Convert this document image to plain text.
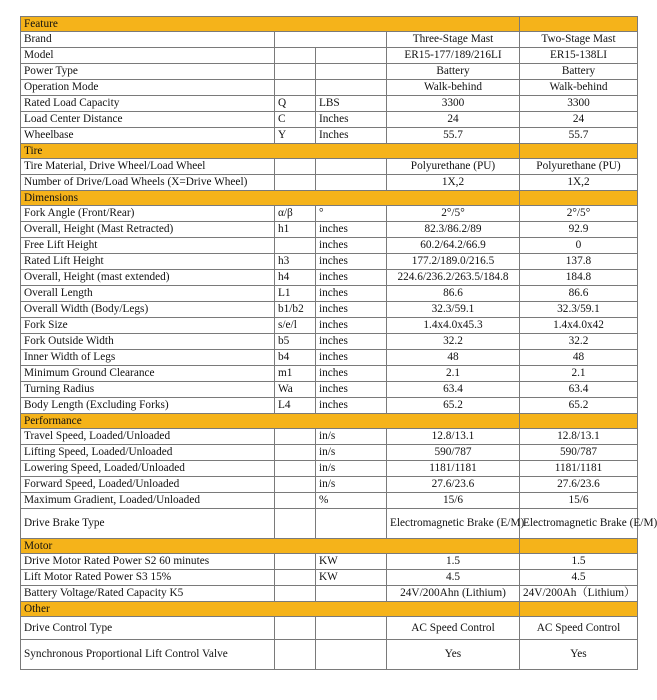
Feature				
Brand			Three-Stage Mast	Two-Stage Mast
Model			ER15-177/189/216LI	ER15-138LI
Power Type			Battery	Battery
Operation Mode			Walk-behind	Walk-behind
Rated Load Capacity	Q	LBS	3300	3300
Load Center Distance	C	Inches	24	24
Wheelbase	Y	Inches	55.7	55.7
Tire				
Tire Material, Drive Wheel/Load Wheel			Polyurethane (PU)	Polyurethane (PU)
Number of Drive/Load Wheels (X=Drive Wheel)			1X,2	1X,2
Dimensions				
Fork Angle (Front/Rear)	α/β	°	2°/5°	2°/5°
Overall, Height (Mast Retracted)	h1	inches	82.3/86.2/89	92.9
Free Lift Height		inches	60.2/64.2/66.9	0
Rated Lift Height	h3	inches	177.2/189.0/216.5	137.8
Overall, Height (mast extended)	h4	inches	224.6/236.2/263.5/184.8	184.8
Overall Length	L1	inches	86.6	86.6
Overall Width (Body/Legs)	b1/b2	inches	32.3/59.1	32.3/59.1
Fork Size	s/e/l	inches	1.4x4.0x45.3	1.4x4.0x42
Fork Outside Width	b5	inches	32.2	32.2
Inner Width of Legs	b4	inches	48	48
Minimum Ground Clearance	m1	inches	2.1	2.1
Turning Radius	Wa	inches	63.4	63.4
Body Length (Excluding Forks)	L4	inches	65.2	65.2
Performance				
Travel Speed, Loaded/Unloaded		in/s	12.8/13.1	12.8/13.1
Lifting Speed, Loaded/Unloaded		in/s	590/787	590/787
Lowering Speed, Loaded/Unloaded		in/s	1181/1181	1181/1181
Forward Speed, Loaded/Unloaded		in/s	27.6/23.6	27.6/23.6
Maximum Gradient, Loaded/Unloaded		%	15/6	15/6
Drive Brake Type			Electromagnetic Brake (E/M)	Electromagnetic Brake (E/M)
Motor				
Drive Motor Rated Power S2 60 minutes		KW	1.5	1.5
Lift Motor Rated Power S3 15%		KW	4.5	4.5
Battery Voltage/Rated Capacity K5			24V/200Ahn (Lithium)	24V/200Ah（Lithium）
Other				
Drive Control Type			AC Speed Control	AC Speed Control
Synchronous Proportional Lift Control Valve			Yes	Yes
